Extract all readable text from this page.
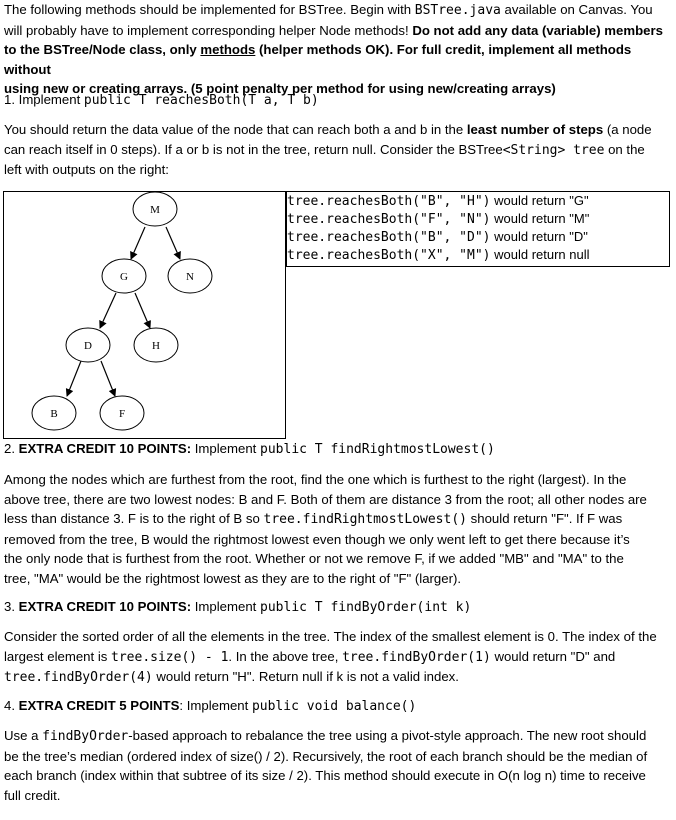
The following methods should be implemented for BSTree. Begin with BSTree.java available on Canvas. You
will probably have to implement corresponding helper Node methods! Do not add any data (variable) members
to the BSTree/Node class, only methods (helper methods OK). For full credit, implement all methods without
using new or creating arrays. (5 point penalty per method for using new/creating arrays)
1. Implement public T reachesBoth(T a, T b)
You should return the data value of the node that can reach both a and b in the least number of steps (a node
can reach itself in 0 steps). If a or b is not in the tree, return null. Consider the BSTree<String> tree on the
left with outputs on the right:
M
G	N
D	H
B	F
tree.reachesBoth("B", "H") would return "G"
tree.reachesBoth("F", "N") would return "M"
tree.reachesBoth("B", "D") would return "D"
tree.reachesBoth("X", "M") would return null
2. EXTRA CREDIT 10 POINTS: Implement public T findRightmostLowest()
Among the nodes which are furthest from the root, find the one which is furthest to the right (largest). In the
above tree, there are two lowest nodes: B and F. Both of them are distance 3 from the root; all other nodes are
less than distance 3. F is to the right of B so tree.findRightmostLowest() should return "F". If F was
removed from the tree, B would the rightmost lowest even though we only went left to get there because it’s
the only node that is furthest from the root. Whether or not we remove F, if we added "MB" and "MA" to the
tree, "MA" would be the rightmost lowest as they are to the right of "F" (larger).
3. EXTRA CREDIT 10 POINTS: Implement public T findByOrder(int k)
Consider the sorted order of all the elements in the tree. The index of the smallest element is 0. The index of the
largest element is tree.size() - 1. In the above tree, tree.findByOrder(1) would return "D" and
tree.findByOrder(4) would return "H". Return null if k is not a valid index.
4. EXTRA CREDIT 5 POINTS: Implement public void balance()
Use a findByOrder-based approach to rebalance the tree using a pivot-style approach. The new root should
be the tree’s median (ordered index of size() / 2). Recursively, the root of each branch should be the median of
each branch (index within that subtree of its size / 2). This method should execute in O(n log n) time to receive
full credit.
